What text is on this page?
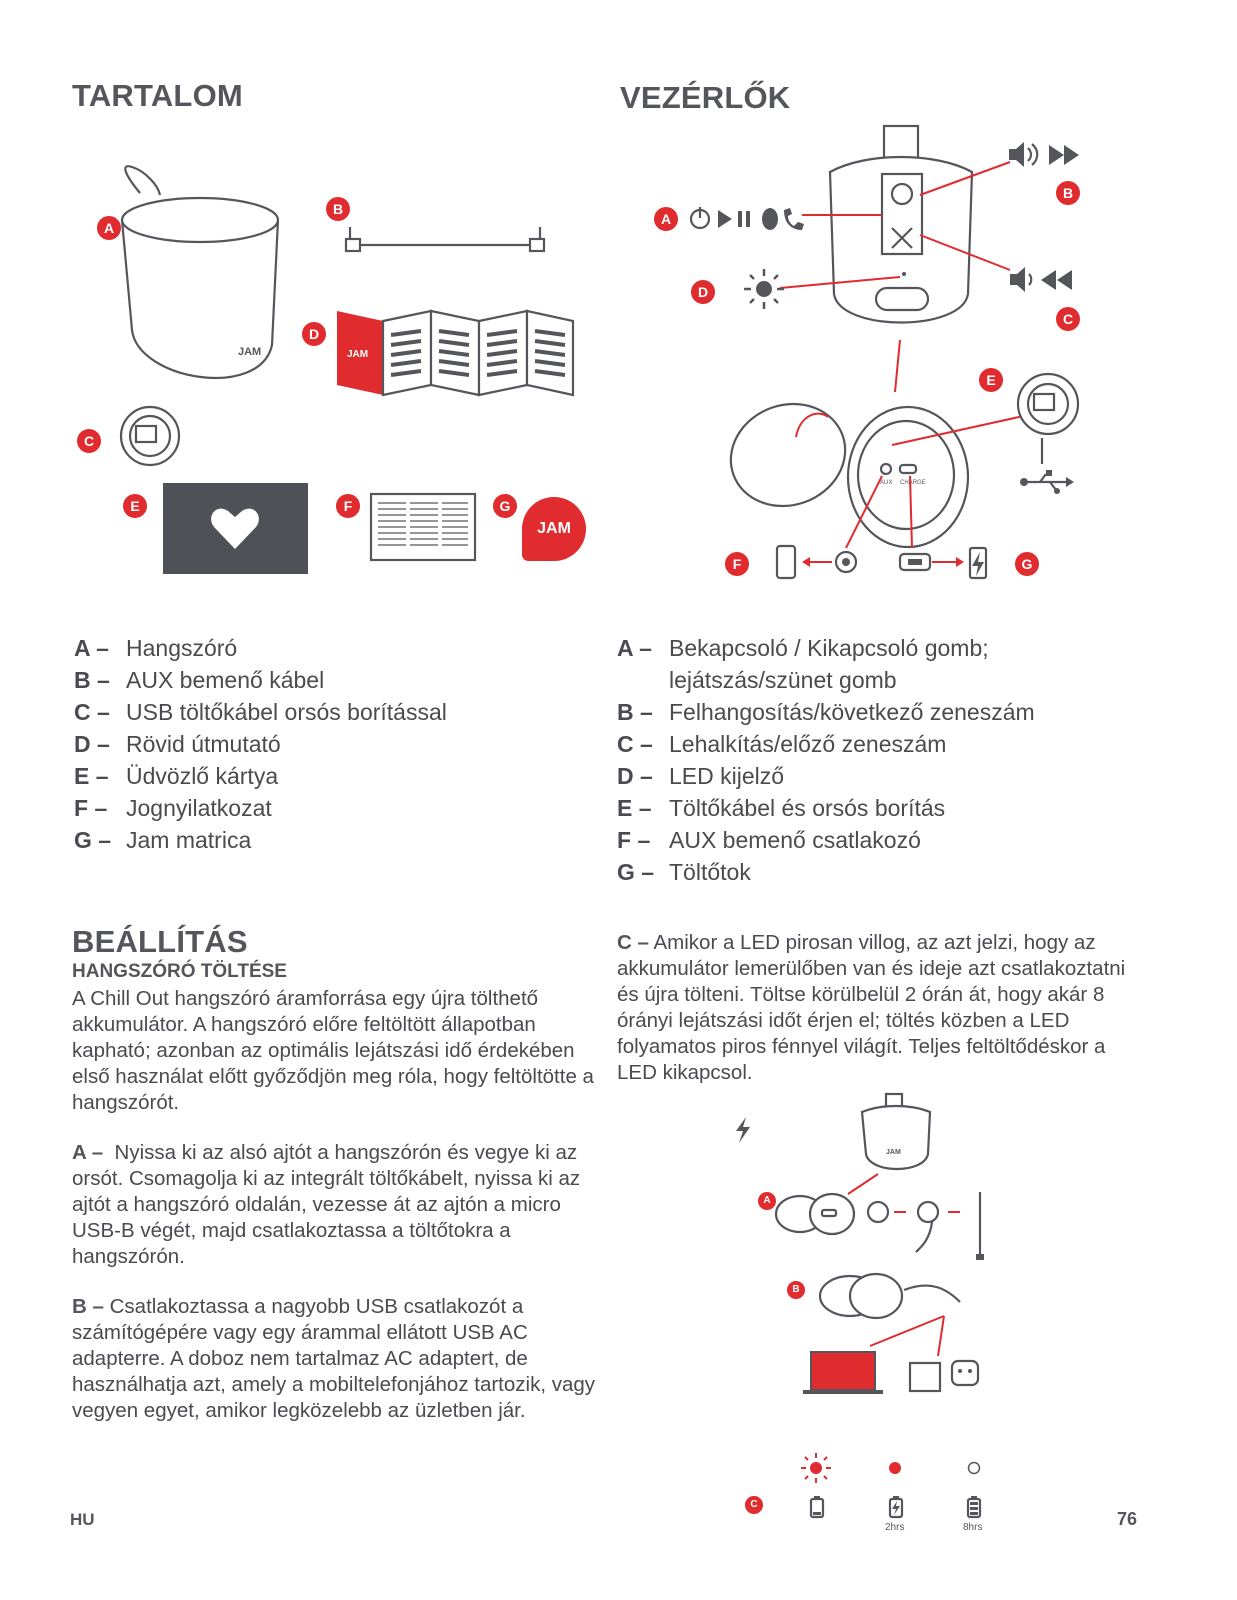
TARTALOM	VEZÉRLŐK
JAM
A
B
JAM
D
C
E	F
JAM
G
A
B
C
D
AUX CHARGE
E
F	G
A – Hangszóró
B – AUX bemenő kábel
C – USB töltőkábel orsós borítással
D – Rövid útmutató
E – Üdvözlő kártya
F – Jognyilatkozat
G – Jam matrica
A – Bekapcsoló / Kikapcsoló gomb;
lejátszás/szünet gomb
B – Felhangosítás/következő zeneszám
C – Lehalkítás/előző zeneszám
D – LED kijelző
E – Töltőkábel és orsós borítás
F – AUX bemenő csatlakozó
G – Töltőtok
BEÁLLÍTÁS
HANGSZÓRÓ TÖLTÉSE
A Chill Out hangszóró áramforrása egy újra tölthető akkumulátor. A hangszóró előre feltöltött állapotban kapható; azonban az optimális lejátszási idő érdekében első használat előtt győződjön meg róla, hogy feltöltötte a hangszórót.
A – Nyissa ki az alsó ajtót a hangszórón és vegye ki az orsót. Csomagolja ki az integrált töltőkábelt, nyissa ki az ajtót a hangszóró oldalán, vezesse át az ajtón a micro USB-B végét, majd csatlakoztassa a töltőtokra a hangszórón.
B – Csatlakoztassa a nagyobb USB csatlakozót a számítógépére vagy egy árammal ellátott USB AC adapterre. A doboz nem tartalmaz AC adaptert, de használhatja azt, amely a mobiltelefonjához tartozik, vagy vegyen egyet, amikor legközelebb az üzletben jár.
C – Amikor a LED pirosan villog, az azt jelzi, hogy az akkumulátor lemerülőben van és ideje azt csatlakoztatni és újra tölteni. Töltse körülbelül 2 órán át, hogy akár 8 órányi lejátszási időt érjen el; töltés közben a LED folyamatos piros fénnyel világít. Teljes feltöltődéskor a LED kikapcsol.
JAM
A
B
C
2hrs	8hrs
HU	76
